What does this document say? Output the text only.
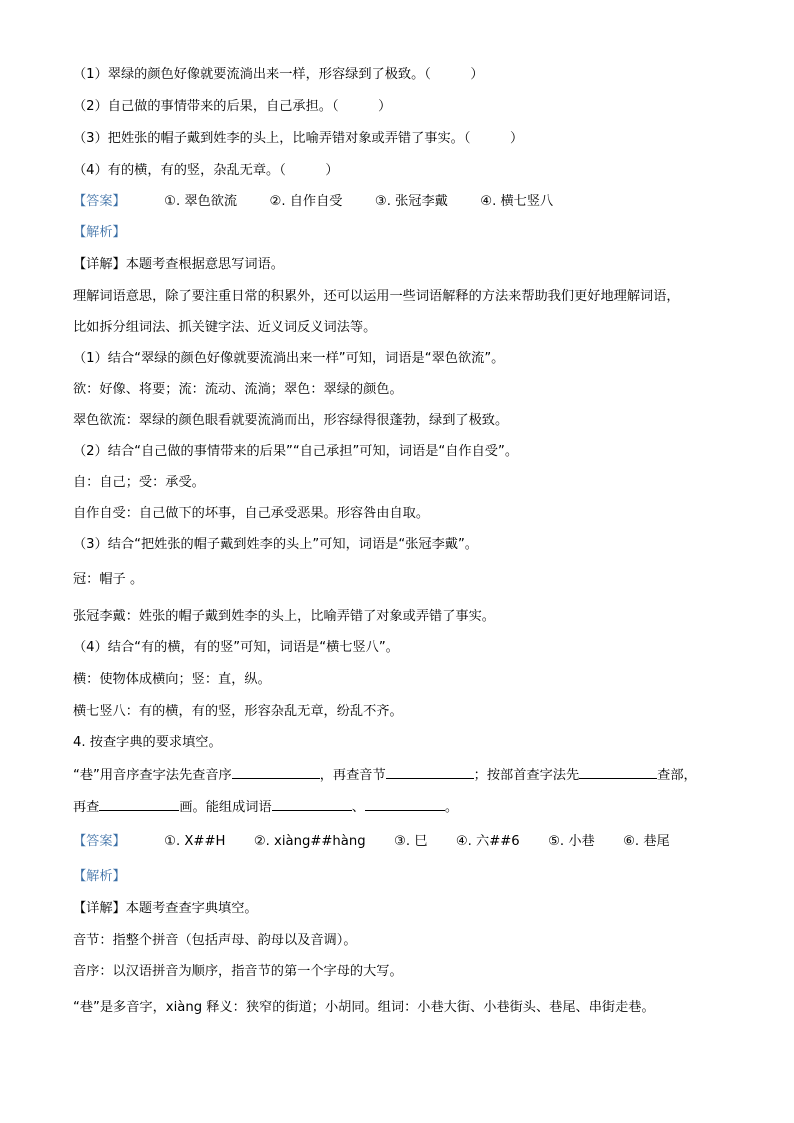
（1）翠绿的颜色好像就要流淌出来一样，形容绿到了极致。（　　　）
（2）自己做的事情带来的后果，自己承担。（　　　）
（3）把姓张的帽子戴到姓李的头上，比喻弄错对象或弄错了事实。（　　　）
（4）有的横，有的竖，杂乱无章。（　　　）
【答案】	①. 翠色欲流 ②. 自作自受 ③. 张冠李戴 ④. 横七竖八
【解析】
【详解】本题考查根据意思写词语。
理解词语意思，除了要注重日常的积累外，还可以运用一些词语解释的方法来帮助我们更好地理解词语，
比如拆分组词法、抓关键字法、近义词反义词法等。
（1）结合“翠绿的颜色好像就要流淌出来一样”可知，词语是“翠色欲流”。
欲：好像、将要；流：流动、流淌；翠色：翠绿的颜色。
翠色欲流：翠绿的颜色眼看就要流淌而出，形容绿得很蓬勃，绿到了极致。
（2）结合“自己做的事情带来的后果”“自己承担”可知，词语是“自作自受”。
自：自己；受：承受。
自作自受：自己做下的坏事，自己承受恶果。形容咎由自取。
（3）结合“把姓张的帽子戴到姓李的头上”可知，词语是“张冠李戴”。
冠：帽子 。
张冠李戴：姓张的帽子戴到姓李的头上，比喻弄错了对象或弄错了事实。
（4）结合“有的横，有的竖”可知，词语是“横七竖八”。
横：使物体成横向；竖：直，纵。
横七竖八：有的横，有的竖，形容杂乱无章，纷乱不齐。
4. 按查字典的要求填空。
“巷”用音序查字法先查音序	，再查音节	；按部首查字法先	查部，
再查	画。能组成词语	、	。
【答案】	①. X##H ②. xiàng##hàng ③. 巳 ④. 六##6 ⑤. 小巷 ⑥. 巷尾
【解析】
【详解】本题考查查字典填空。
音节：指整个拼音（包括声母、韵母以及音调）。
音序：以汉语拼音为顺序，指音节的第一个字母的大写。
“巷”是多音字，xiàng 释义：狭窄的街道；小胡同。组词：小巷大街、小巷街头、巷尾、串街走巷。
